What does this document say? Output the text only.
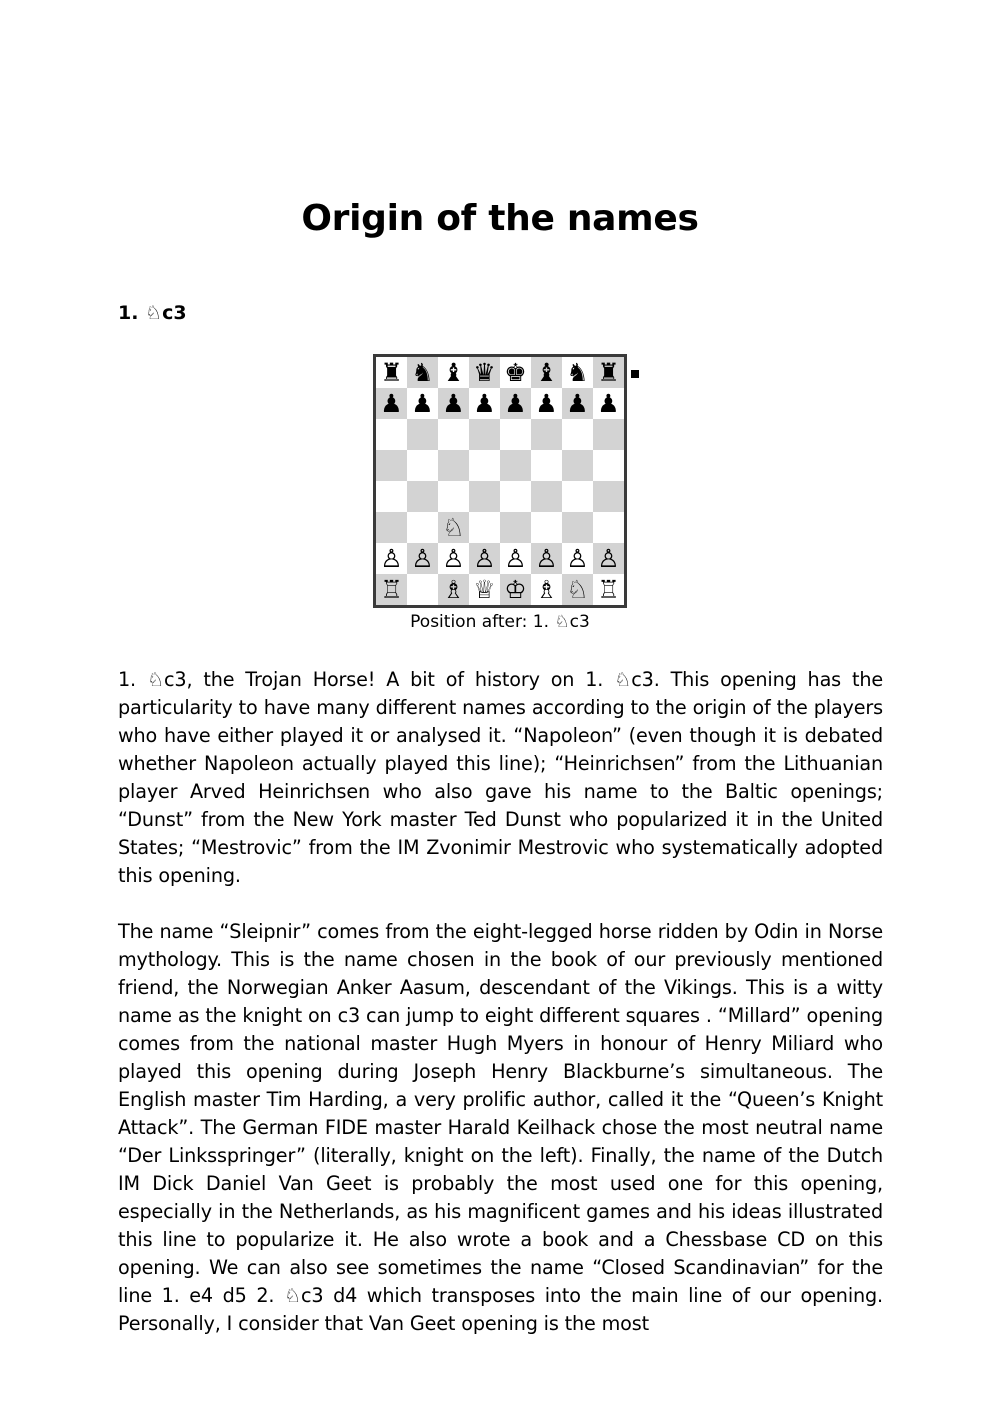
Origin of the names
1. ♘c3
♜︎ ♞︎ ♝︎ ♛︎ ♚︎ ♝︎ ♞︎ ♜︎
♟︎ ♟︎ ♟︎ ♟︎ ♟︎ ♟︎ ♟︎ ♟︎
♘︎
♙︎ ♙︎ ♙︎ ♙︎ ♙︎ ♙︎ ♙︎ ♙︎
♖︎ ♗︎ ♕︎ ♔︎ ♗︎ ♘︎ ♖︎

Position after: 1. ♘c3

1. ♘c3, the Trojan Horse! A bit of history on 1. ♘c3. This opening has the particularity to have many different names according to the origin of the players who have either played it or analysed it. “Napoleon” (even though it is debated whether Napoleon actually played this line); “Heinrichsen” from the Lithuanian player Arved Heinrichsen who also gave his name to the Baltic openings; “Dunst” from the New York master Ted Dunst who popularized it in the United States; “Mestrovic” from the IM Zvonimir Mestrovic who systematically adopted this opening.

The name “Sleipnir” comes from the eight-legged horse ridden by Odin in Norse mythology. This is the name chosen in the book of our previously mentioned friend, the Norwegian Anker Aasum, descendant of the Vikings. This is a witty name as the knight on c3 can jump to eight different squares . “Millard” opening comes from the national master Hugh Myers in honour of Henry Miliard who played this opening during Joseph Henry Blackburne’s simultaneous. The English master Tim Harding, a very prolific author, called it the “Queen’s Knight Attack”. The German FIDE master Harald Keilhack chose the most neutral name “Der Linksspringer” (literally, knight on the left). Finally, the name of the Dutch IM Dick Daniel Van Geet is probably the most used one for this opening, especially in the Netherlands, as his magnificent games and his ideas illustrated this line to popularize it. He also wrote a book and a Chessbase CD on this opening. We can also see sometimes the name “Closed Scandinavian” for the line 1. e4 d5 2. ♘c3 d4 which transposes into the main line of our opening. Personally, I consider that Van Geet opening is the most
